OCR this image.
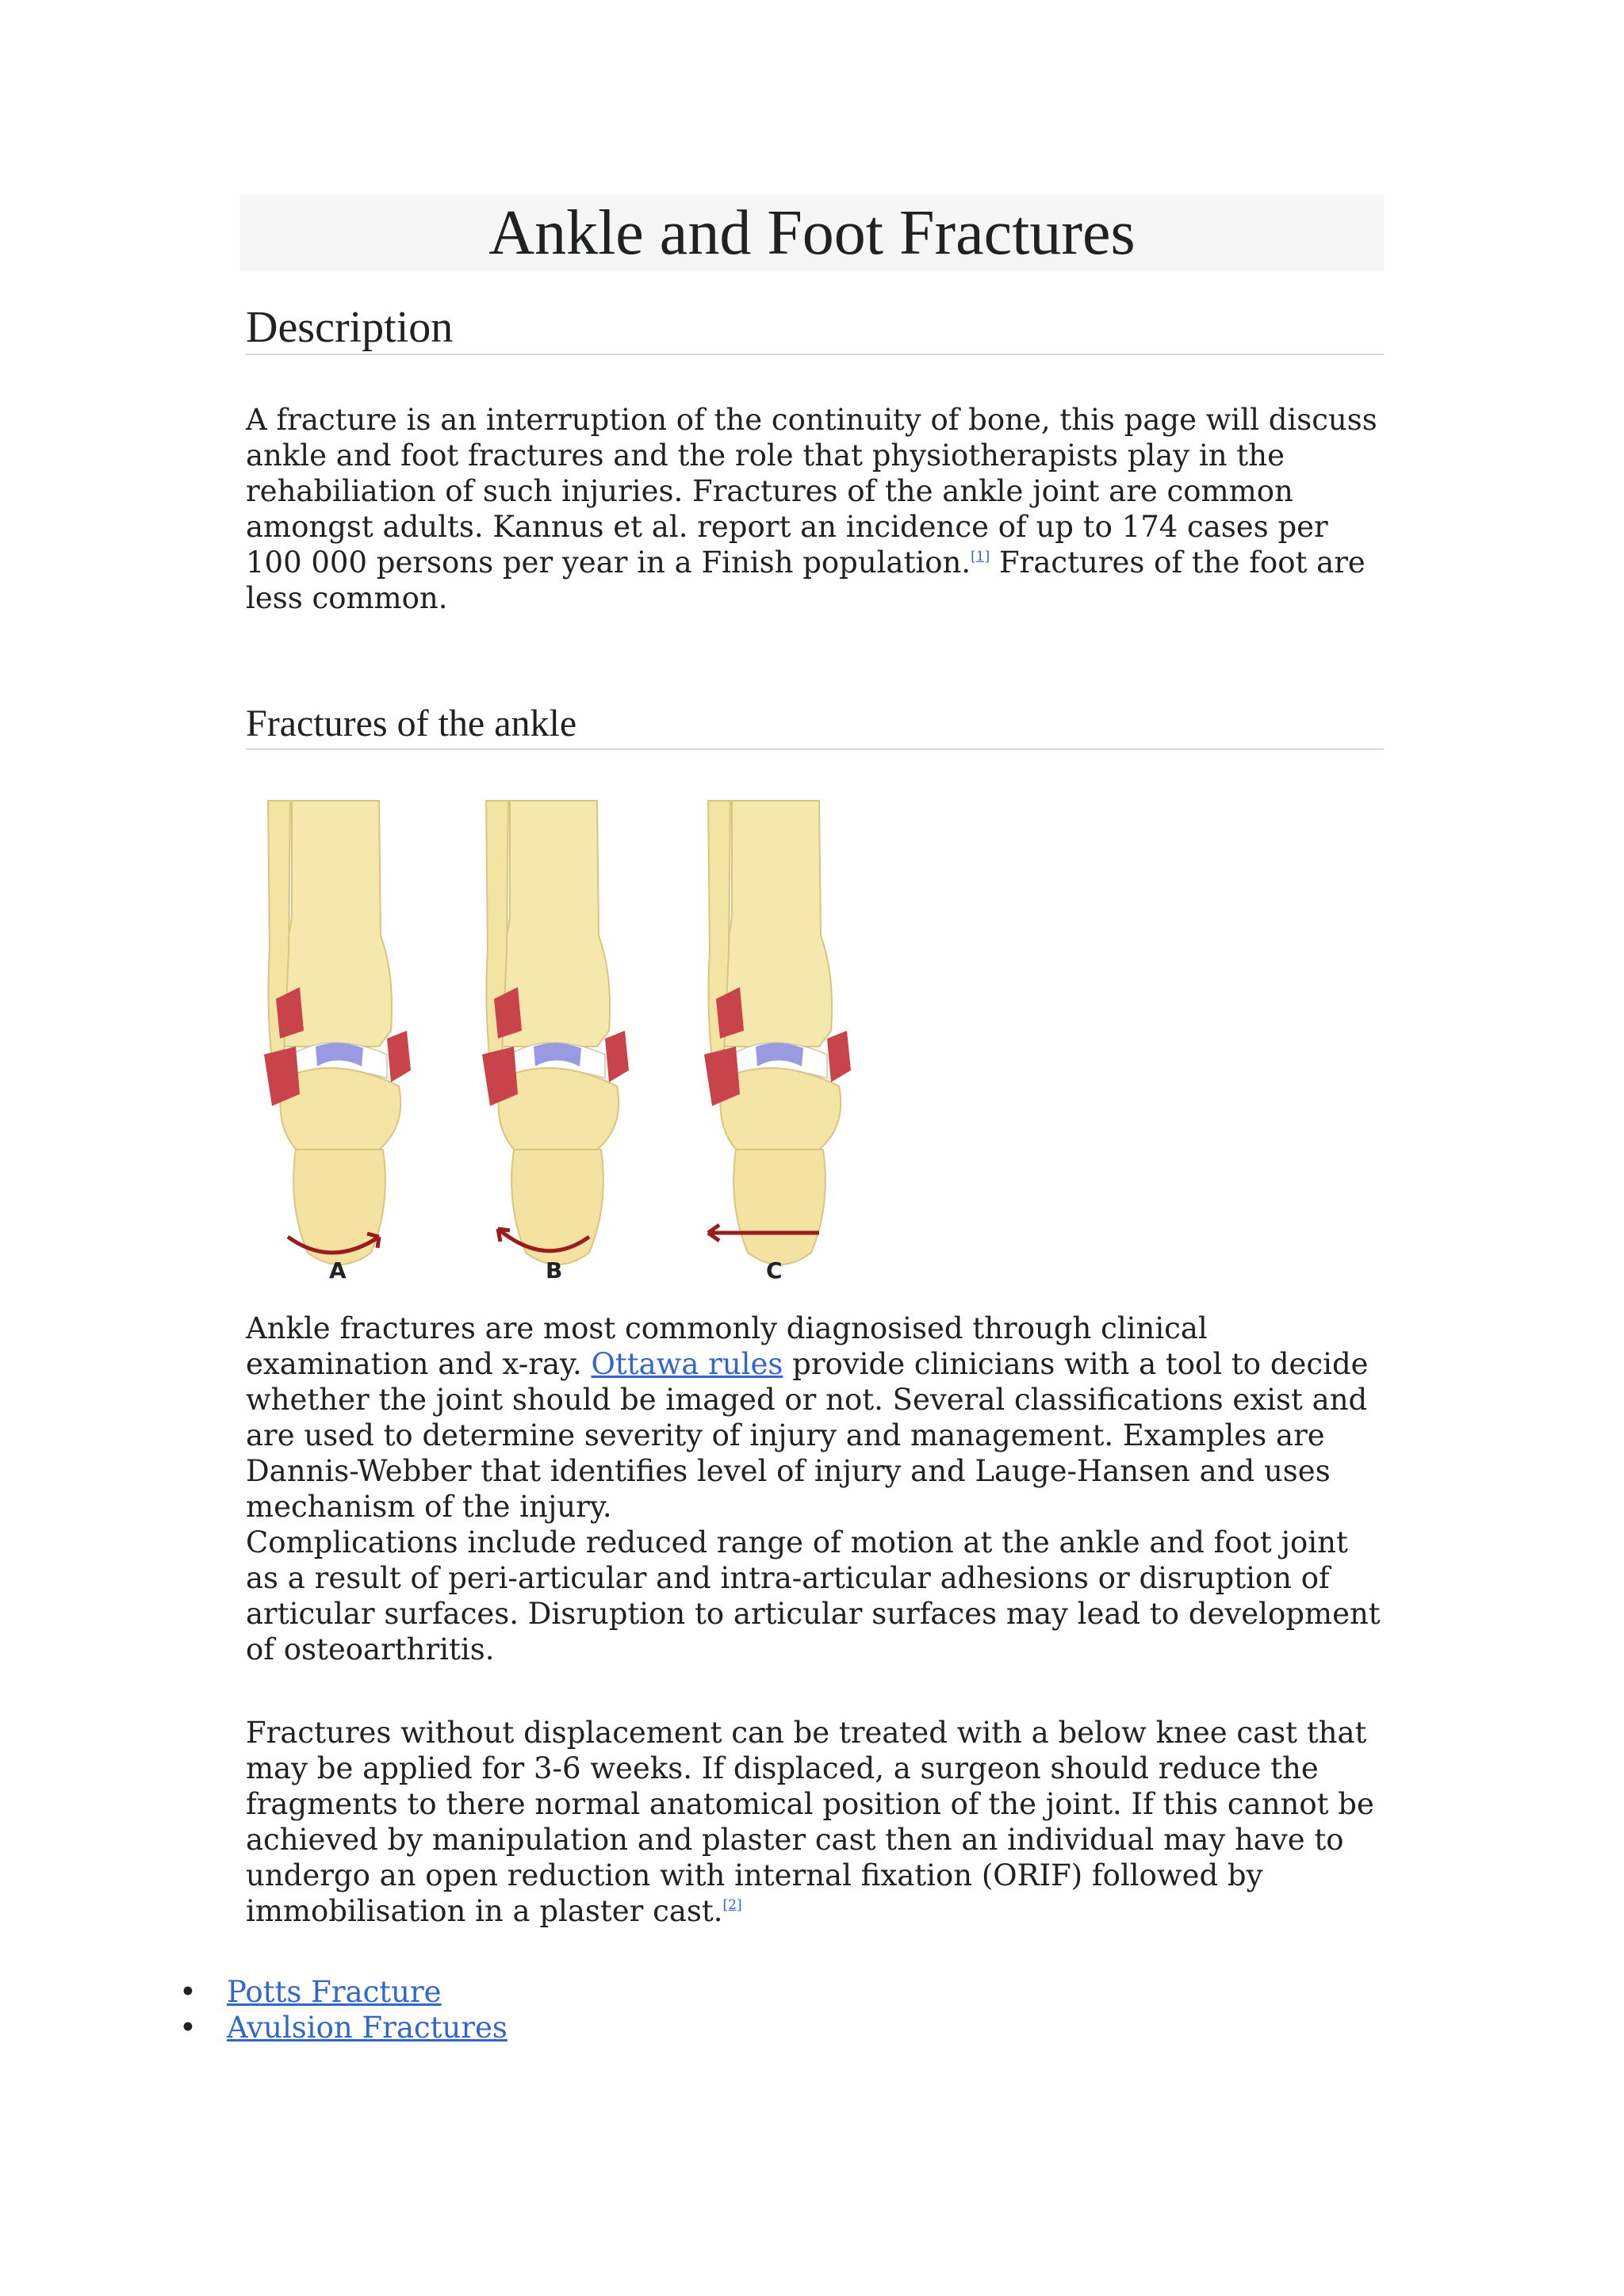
Ankle and Foot Fractures
Description

A fracture is an interruption of the continuity of bone, this page will discuss ankle and foot fractures and the role that physiotherapists play in the rehabiliation of such injuries. Fractures of the ankle joint are common amongst adults. Kannus et al. report an incidence of up to 174 cases per 100 000 persons per year in a Finish population.[1] Fractures of the foot are less common.

Fractures of the ankle
A	B	C

Ankle fractures are most commonly diagnosised through clinical examination and x-ray. Ottawa rules provide clinicians with a tool to decide whether the joint should be imaged or not. Several classifications exist and are used to determine severity of injury and management. Examples are Dannis-Webber that identifies level of injury and Lauge-Hansen and uses mechanism of the injury.

Complications include reduced range of motion at the ankle and foot joint as a result of peri-articular and intra-articular adhesions or disruption of articular surfaces. Disruption to articular surfaces may lead to development of osteoarthritis.

Fractures without displacement can be treated with a below knee cast that may be applied for 3-6 weeks. If displaced, a surgeon should reduce the fragments to there normal anatomical position of the joint. If this cannot be achieved by manipulation and plaster cast then an individual may have to undergo an open reduction with internal fixation (ORIF) followed by immobilisation in a plaster cast.[2]

• Potts Fracture
• Avulsion Fractures
